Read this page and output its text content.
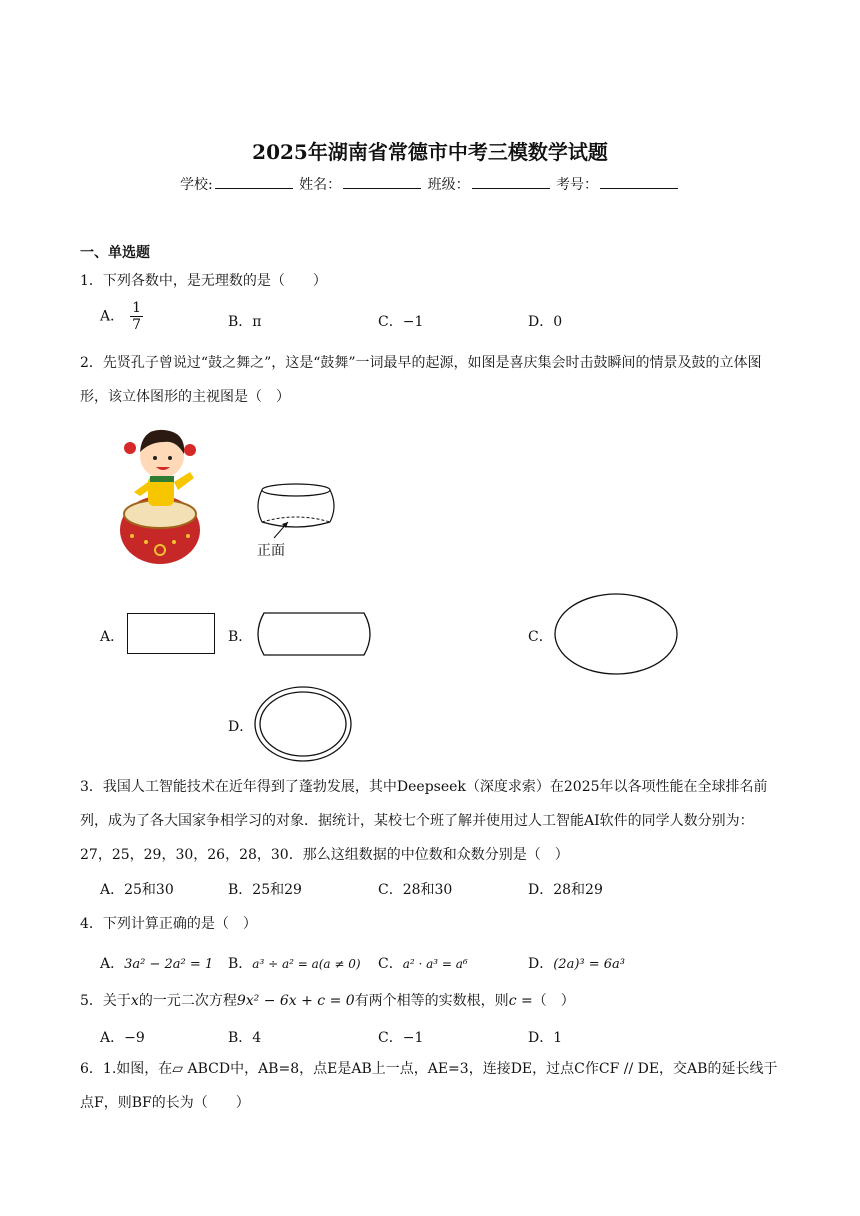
2025年湖南省常德市中考三模数学试题
学校:	姓名：	班级：	考号：
一、单选题
1．下列各数中，是无理数的是（　　）
A． $\frac{1}{7}$	B．π	C．−1	D．0
2．先贤孔子曾说过“鼓之舞之”，这是“鼓舞”一词最早的起源，如图是喜庆集会时击鼓瞬间的情景及鼓的立体图形，该立体图形的主视图是（　）
正面
A．	B．	C．
D．
3．我国人工智能技术在近年得到了蓬勃发展，其中Deepseek（深度求索）在2025年以各项性能在全球排名前列，成为了各大国家争相学习的对象．据统计，某校七个班了解并使用过人工智能AI软件的同学人数分别为：27，25，29，30，26，28，30．那么这组数据的中位数和众数分别是（　）
A．25和30	B．25和29	C．28和30	D．28和29
4．下列计算正确的是（　）
A．3a² − 2a² = 1 B．a³ ÷ a² = a(a ≠ 0) C．a² · a³ = a⁶	D．(2a)³ = 6a³
5．关于x的一元二次方程9x² − 6x + c = 0有两个相等的实数根，则c =（　）
A．−9	B．4	C．−1	D．1
6．1.如图，在▱ ABCD中，AB=8，点E是AB上一点，AE=3，连接DE，过点C作CF // DE，交AB的延长线于点F，则BF的长为（　　）
